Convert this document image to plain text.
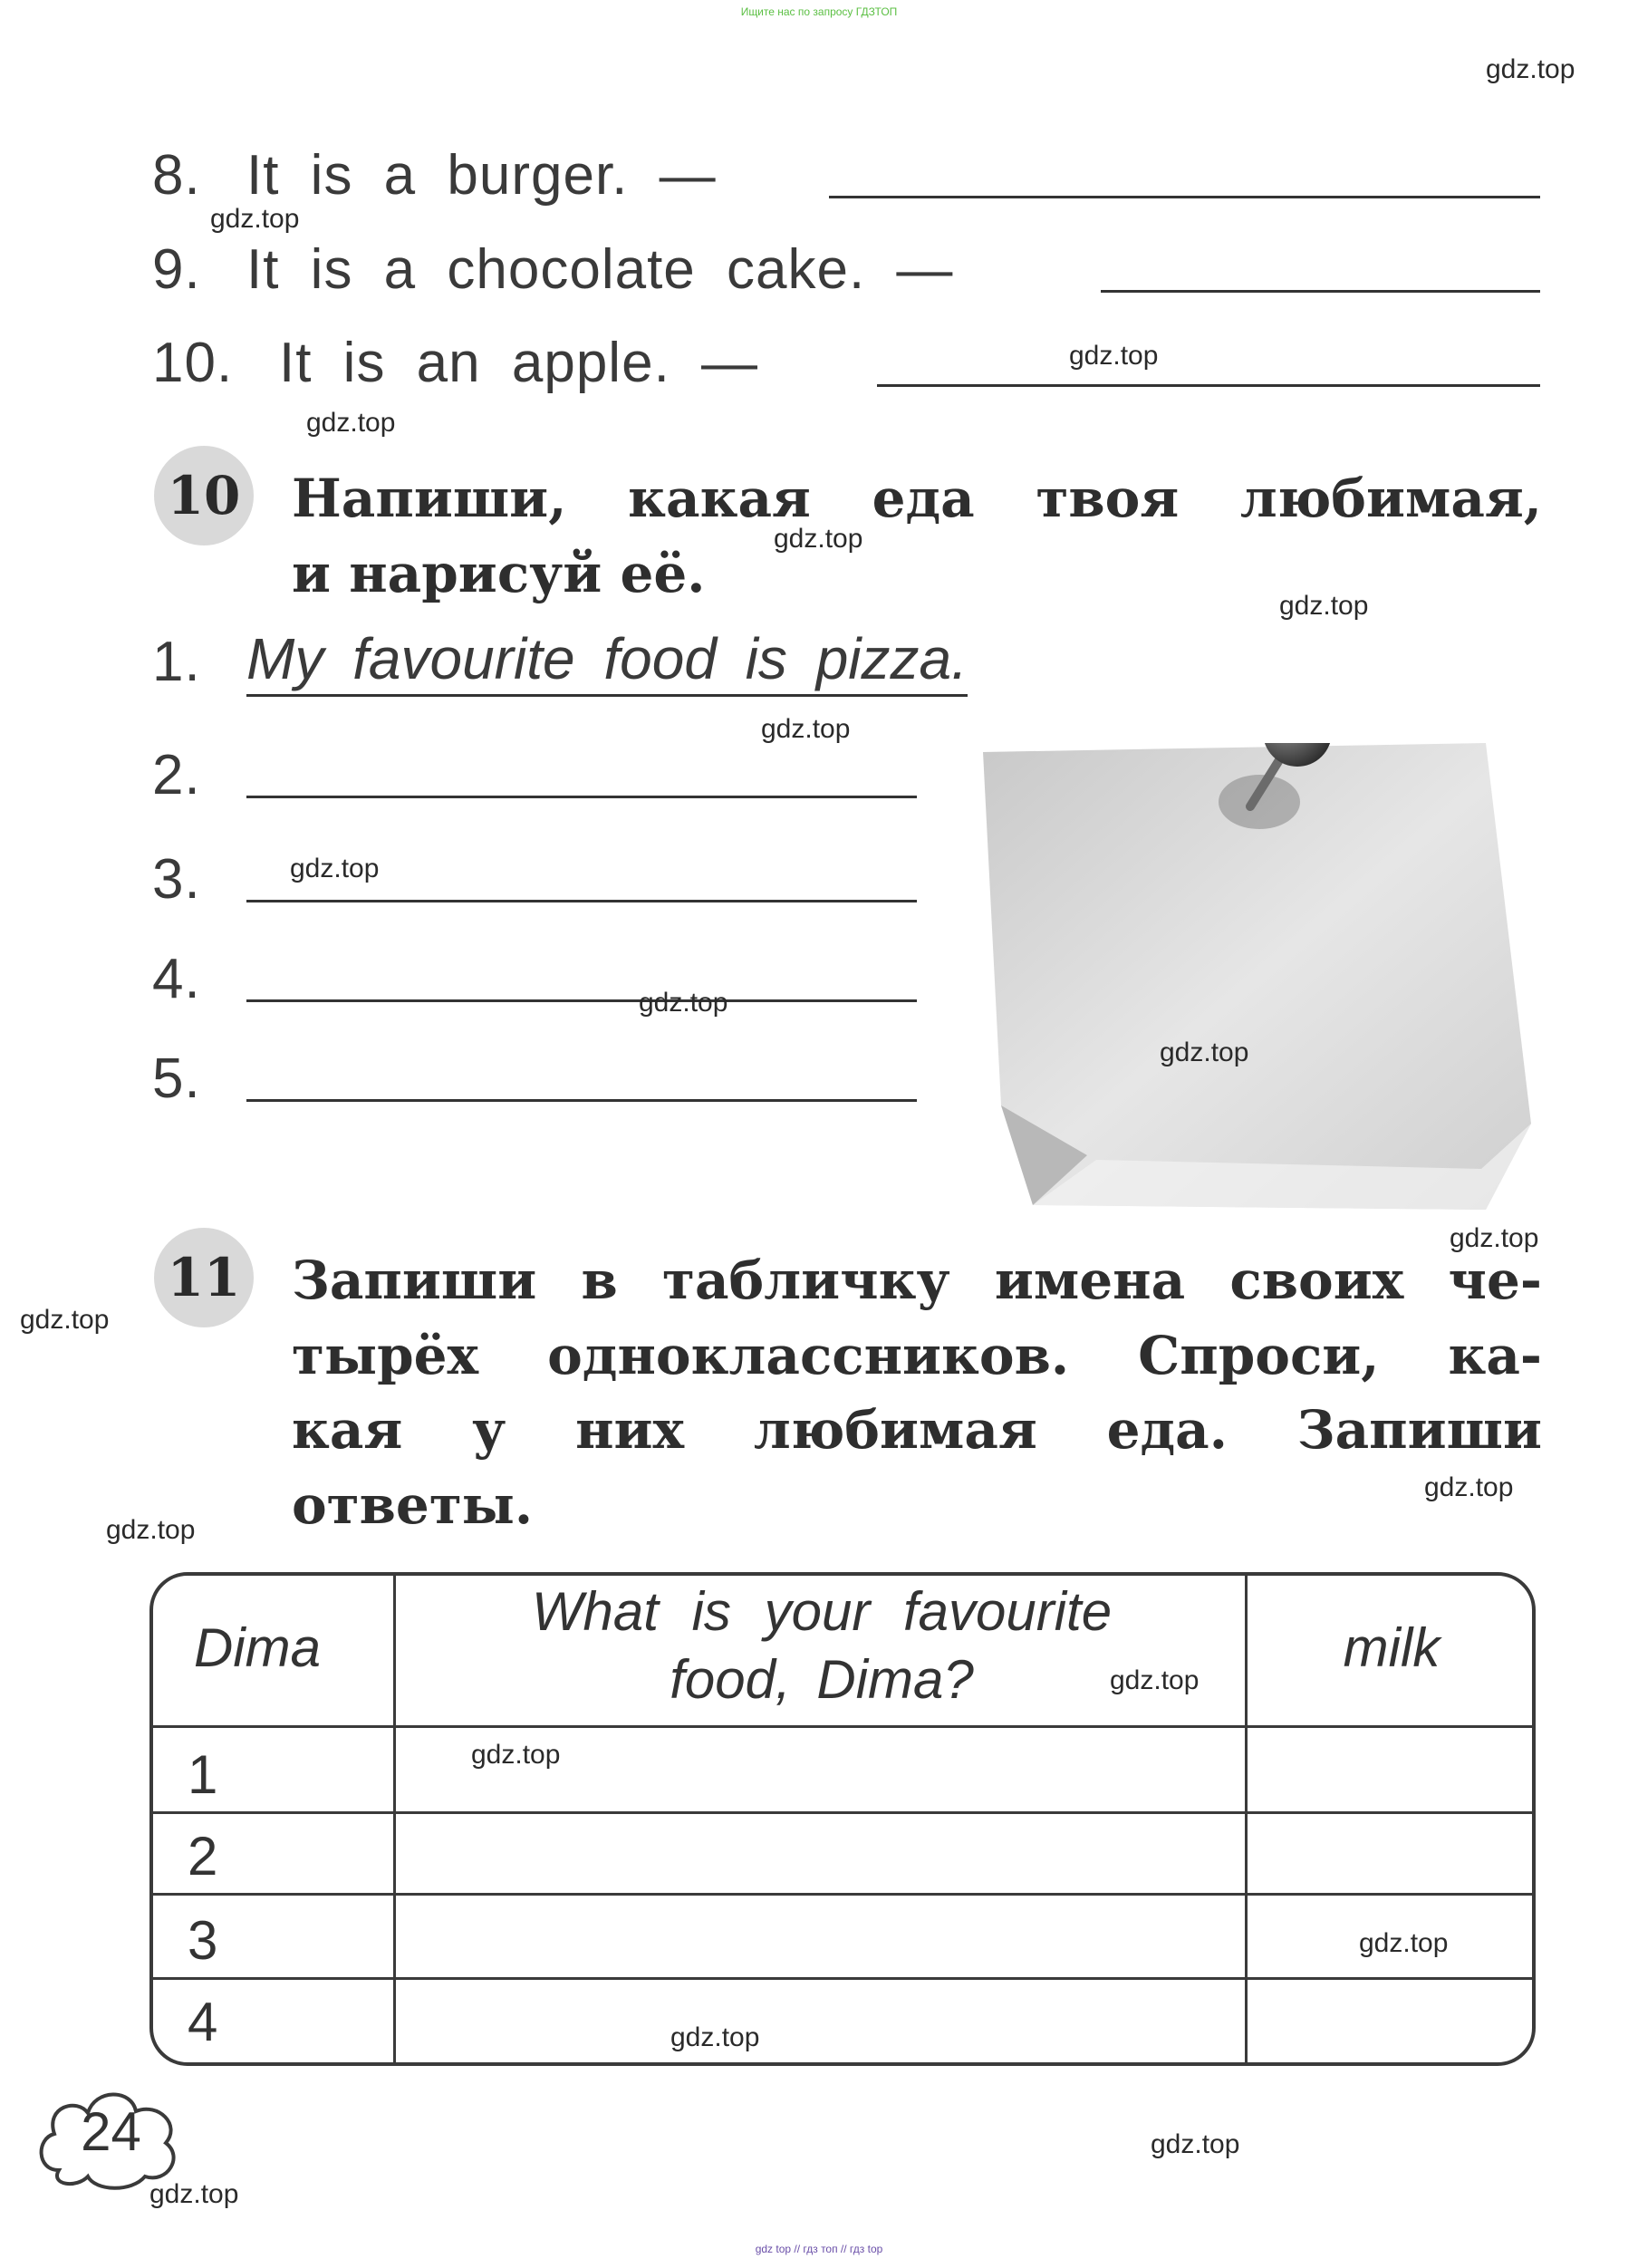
Ищите нас по запросу ГДЗТОП
gdz top // гдз топ // гдз top
8. It is a burger. —
9. It is a chocolate cake. —
10. It is an apple. —
10 Напиши, какая еда твоя любимая,
и нарисуй её.
1. My favourite food is pizza.
2.
3.
4.
5.
11 Запиши в табличку имена своих че-
тырёх одноклассников. Спроси, ка-
кая у них любимая еда. Запиши
ответы.
Dima
What is your favourite
food, Dima?
milk
1
2
3
4
24
gdz.top
gdz.top
gdz.top
gdz.top
gdz.top
gdz.top
gdz.top
gdz.top
gdz.top
gdz.top
gdz.top
gdz.top
gdz.top
gdz.top
gdz.top
gdz.top
gdz.top
gdz.top
gdz.top
gdz.top
